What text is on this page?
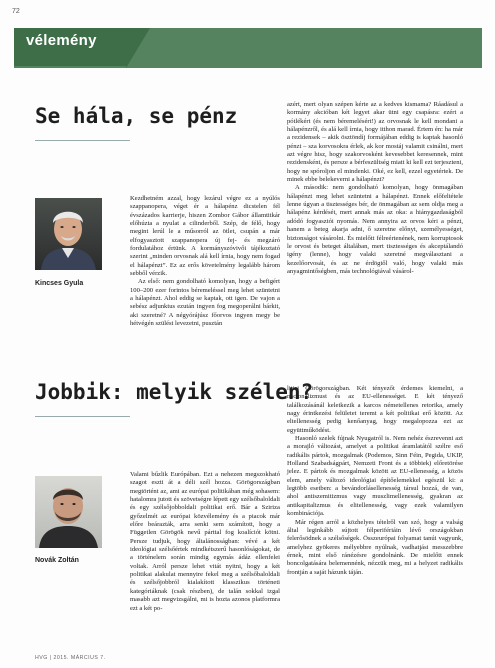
72
vélemény
Se hála, se pénz
Kincses Gyula

Kezdhetném azzal, hogy lezárul végre ez a nyúlós szappanopera, véget ér a hálapénz dicstelen fél évszázados karrierje, hiszen Zombor Gábor államtitkár előhúzta a nyulat a cilinderből. Szép, de félő, hogy megint lerúl le a műsorról az ötlet, csupán a már elfogyasztott szappanopera új fej- és megzáró fordulatához értünk. A kormányszóvivői tájékoztató szerint „minden orvosnak alá kell írnia, hogy nem fogad el hálapénzt”. Ez az erős követelmény legalább három sebből vérzik.

Az első: nem gondolható komolyan, hogy a befigért 100–200 ezer forintos béremeléssel meg lehet szüntetni a hálapénzt. Ahol eddig se kaptak, ott igen. De vajon a sebész adjunktus ezután ingyen fog megoperálni bárkit, aki szeretné? A négyórájúsz főorvos ingyen megy be hétvégén szülést levezetni, pusztán

azért, mert olyan szépen kérte az a kedves kismama? Ráadásul a kormány akcióban két legyet akar ütni egy csapásra: ezért a pótlékért (és nem béremelésért!) az orvosnak le kell mondani a hálapénzről, és alá kell írnia, hogy itthon marad. Értem én: ha már a rezidensek – akik ösztöndíj formájában eddig is kaptak hasonló pénzt – sza korvosokra érlek, ak kor mostáj valamit csinálni, mert azt végre hisz, hogy szakorvosként kevesebbet keresennek, mint rezidensként, és persze a bérfeszültség miatt ki kell ezt terjeszteni, hogy ne spóroljon el mindenki. Oké, ez kell, ezzel egyetértek. De minek ebbe belekeverni a hálapénzt?

A második: nem gondolható komolyan, hogy önmagában hálapénzt meg lehet szüntetni a hálapénzt. Ennek előfeltétele lenne úgyan a tisztességes bér, de önmagában az sem oldja meg a hálapénz kérdését, mert annak más az oka: a hiánygazdaságból adódó fogyasztói nyomás. Nem annyira az orvos kéri a pénzt, hanem a beteg akarja adni, ő szeretne előnyt, személyességet, biztonságot vásárolni. És mielőtt félreértenének, nem korruptosok le orvost és beteget általában, mert tisztességes és akceptálandó igény (lenne), hogy valaki szeretné megválasztani a kezelőorvosát, és az ne érdögtől való, hogy valaki más anyagmintőségben, más technológiával vásárol-

Jobbik: melyik szélen?
Novák Zoltán

Valami bűzlik Európában. Ezt a nehezen megszokható szagot eszti át a déli szél hozza. Görögországban megtörtént az, ami az európai politikában még sohasem: hatalomra jutott és szövetségre lépett egy szélsőbaloldali és egy szélsőjobboldali politikai erő. Bár a Sziriza győzelmét az európai közvélemény és a piacok már előre beárazták, arra senki sem számított, hogy a Független Görögök nevű párttal fog koalíciót kötni. Persze tudjuk, hogy általánosságban: vévé a két ideológiai szélsőértek mindkétszerű hasonlóságokat, de a történelem során mindig egymás ádáz ellenfelei voltak. Arról persze lehet vitát nyitni, hogy a két politikai alakulat mennyire fekel meg a szélsőbaloldali és szélsőjobbról kialakított klasszikus történeti kategóriáknak (csak részben), de talán sokkal izgal masabb azt megvizsgálni, mi is hozta azonos platformra ezt a két po-

litiai Görögországban. Két tényezőt érdemes kiemelni, a nacionalizmust és az EU-ellenességet. E két tényező találkozásánál keletkezik a karcos németellenes retorika, amely nagy érintkezési felületet teremt a két politikai erő között. Az eltellenesség pedig kenőanyag, hogy megalopozza ezt az együttműködést.

Hasonló szelek fújnak Nyugatról is. Nem nehéz észrevenni azt a morajló változást, amelyet a politikai áramlatától szélre eső radikális pártok, mozgalmak (Podemos, Sinn Féin, Pegida, UKIP, Holland Szabadságpárt, Nemzeti Front és a többiek) előretörése jelez. E pártok és mozgalmak között az EU-ellenesség, a közös elem, amely változó ideológiai építőelemekkel egészül ki: a legtöbb esetben: a bevándorlásellenesség társul hozzá, de van, ahol antiszemitizmus vagy muszlimellenesség, gyakran az antikapitalizmus és elitellenesség, vagy ezek valamilyen kombinációja.

Már régen arról a közhelyes tételről van szó, hogy a valság által leginkább sújtott félperifériáin lévő országokban felerősödnek a szélsőségek. Összeurópai folyamat tanúi vagyunk, amelyhez gyökeres mélyebbre nyúlnak, vadhatjási messzebbre érnek, mint első ránézésre gondolnánk. De mielőtt ennek boncolgatására belemennénk, nézzük meg, mi a helyzet radikális frontján a saját házunk táján.

HVG | 2015. MÁRCIUS 7.
